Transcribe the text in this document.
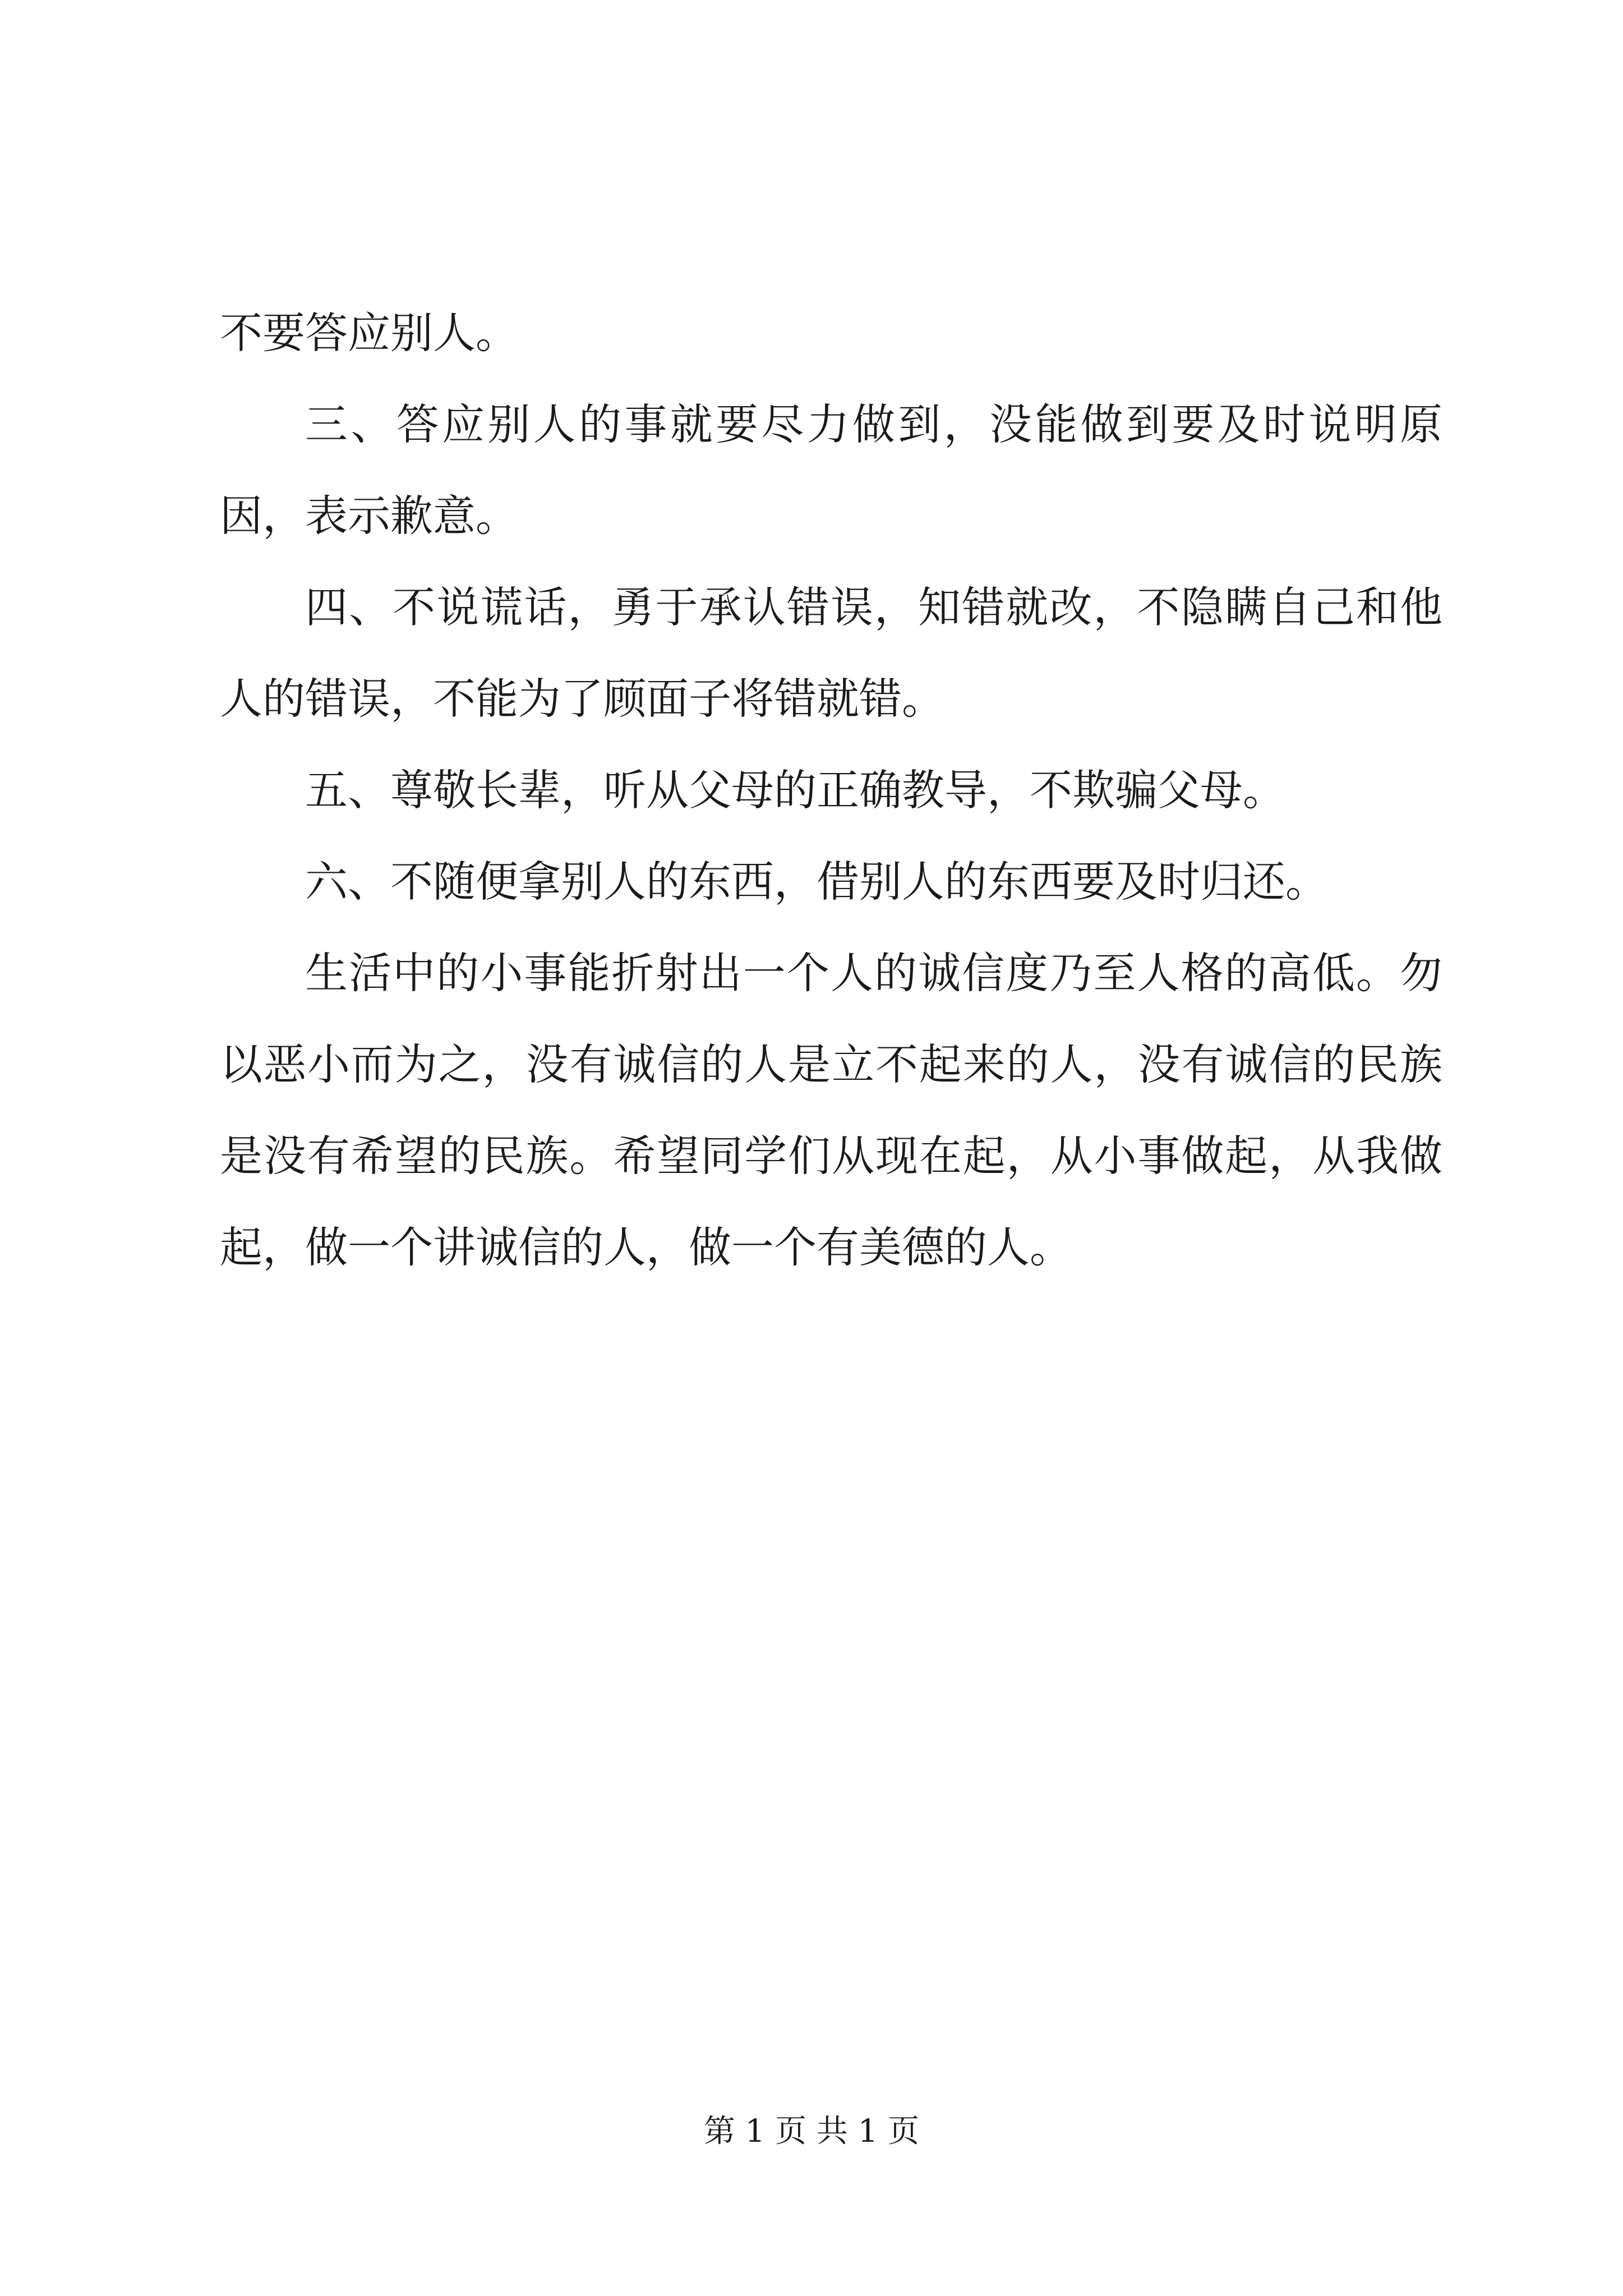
不要答应别人。

三、答应别人的事就要尽力做到，没能做到要及时说明原因，表示歉意。

四、不说谎话，勇于承认错误，知错就改，不隐瞒自己和他人的错误，不能为了顾面子将错就错。

五、尊敬长辈，听从父母的正确教导，不欺骗父母。

六、不随便拿别人的东西，借别人的东西要及时归还。

生活中的小事能折射出一个人的诚信度乃至人格的高低。勿以恶小而为之，没有诚信的人是立不起来的人，没有诚信的民族是没有希望的民族。希望同学们从现在起，从小事做起，从我做起，做一个讲诚信的人，做一个有美德的人。

第 1 页 共 1 页
